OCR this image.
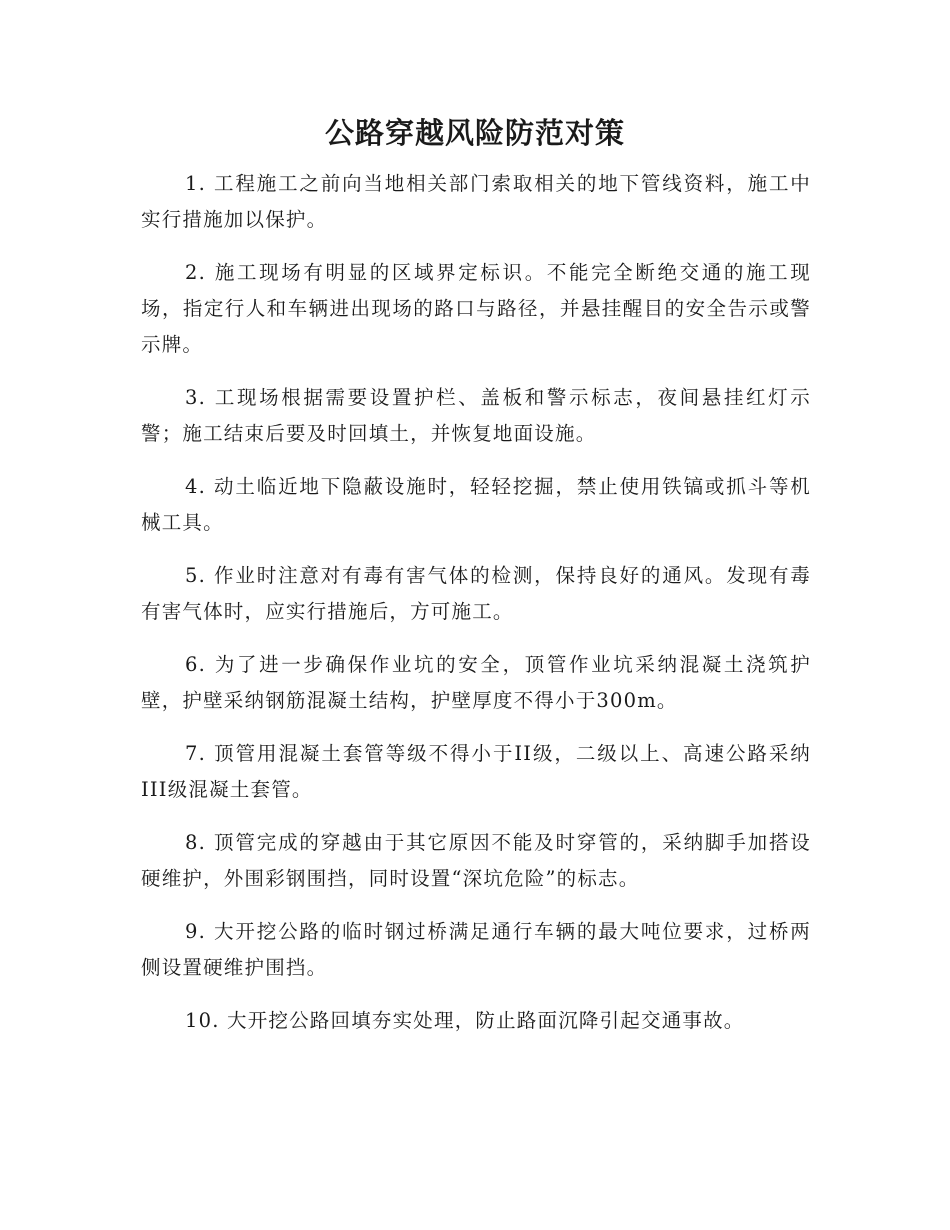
公路穿越风险防范对策

1. 工程施工之前向当地相关部门索取相关的地下管线资料，施工中实行措施加以保护。

2. 施工现场有明显的区域界定标识。不能完全断绝交通的施工现场，指定行人和车辆进出现场的路口与路径，并悬挂醒目的安全告示或警示牌。

3. 工现场根据需要设置护栏、盖板和警示标志，夜间悬挂红灯示警；施工结束后要及时回填土，并恢复地面设施。

4. 动土临近地下隐蔽设施时，轻轻挖掘，禁止使用铁镐或抓斗等机械工具。

5. 作业时注意对有毒有害气体的检测，保持良好的通风。发现有毒有害气体时，应实行措施后，方可施工。

6. 为了进一步确保作业坑的安全，顶管作业坑采纳混凝土浇筑护壁，护壁采纳钢筋混凝土结构，护壁厚度不得小于300m。

7. 顶管用混凝土套管等级不得小于II级，二级以上、高速公路采纳III级混凝土套管。

8. 顶管完成的穿越由于其它原因不能及时穿管的，采纳脚手加搭设硬维护，外围彩钢围挡，同时设置“深坑危险”的标志。

9. 大开挖公路的临时钢过桥满足通行车辆的最大吨位要求，过桥两侧设置硬维护围挡。

10. 大开挖公路回填夯实处理，防止路面沉降引起交通事故。
